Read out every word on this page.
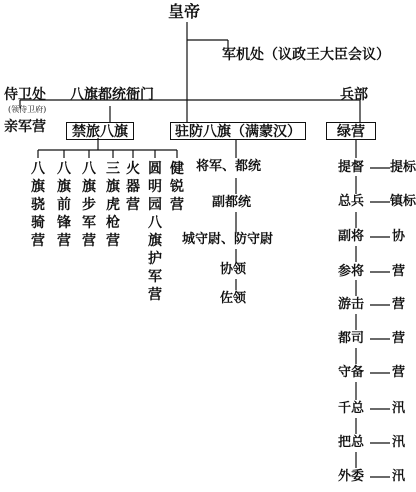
皇帝
军机处（议政王大臣会议）
侍卫处
(领侍卫府)
亲军营
八旗都统衙门	兵部
禁旅八旗	驻防八旗（满蒙汉）	绿营
八旗骁骑营
八旗前锋营
八旗步军营
三旗虎枪营
火器营
圆明园八旗护军营
健锐营
将军、都统
副都统
城守尉、防守尉
协领
佐领
提督 提标
总兵 镇标
副将 协
参将 营
游击 营
都司 营
守备 营
千总 汛
把总 汛
外委 汛
